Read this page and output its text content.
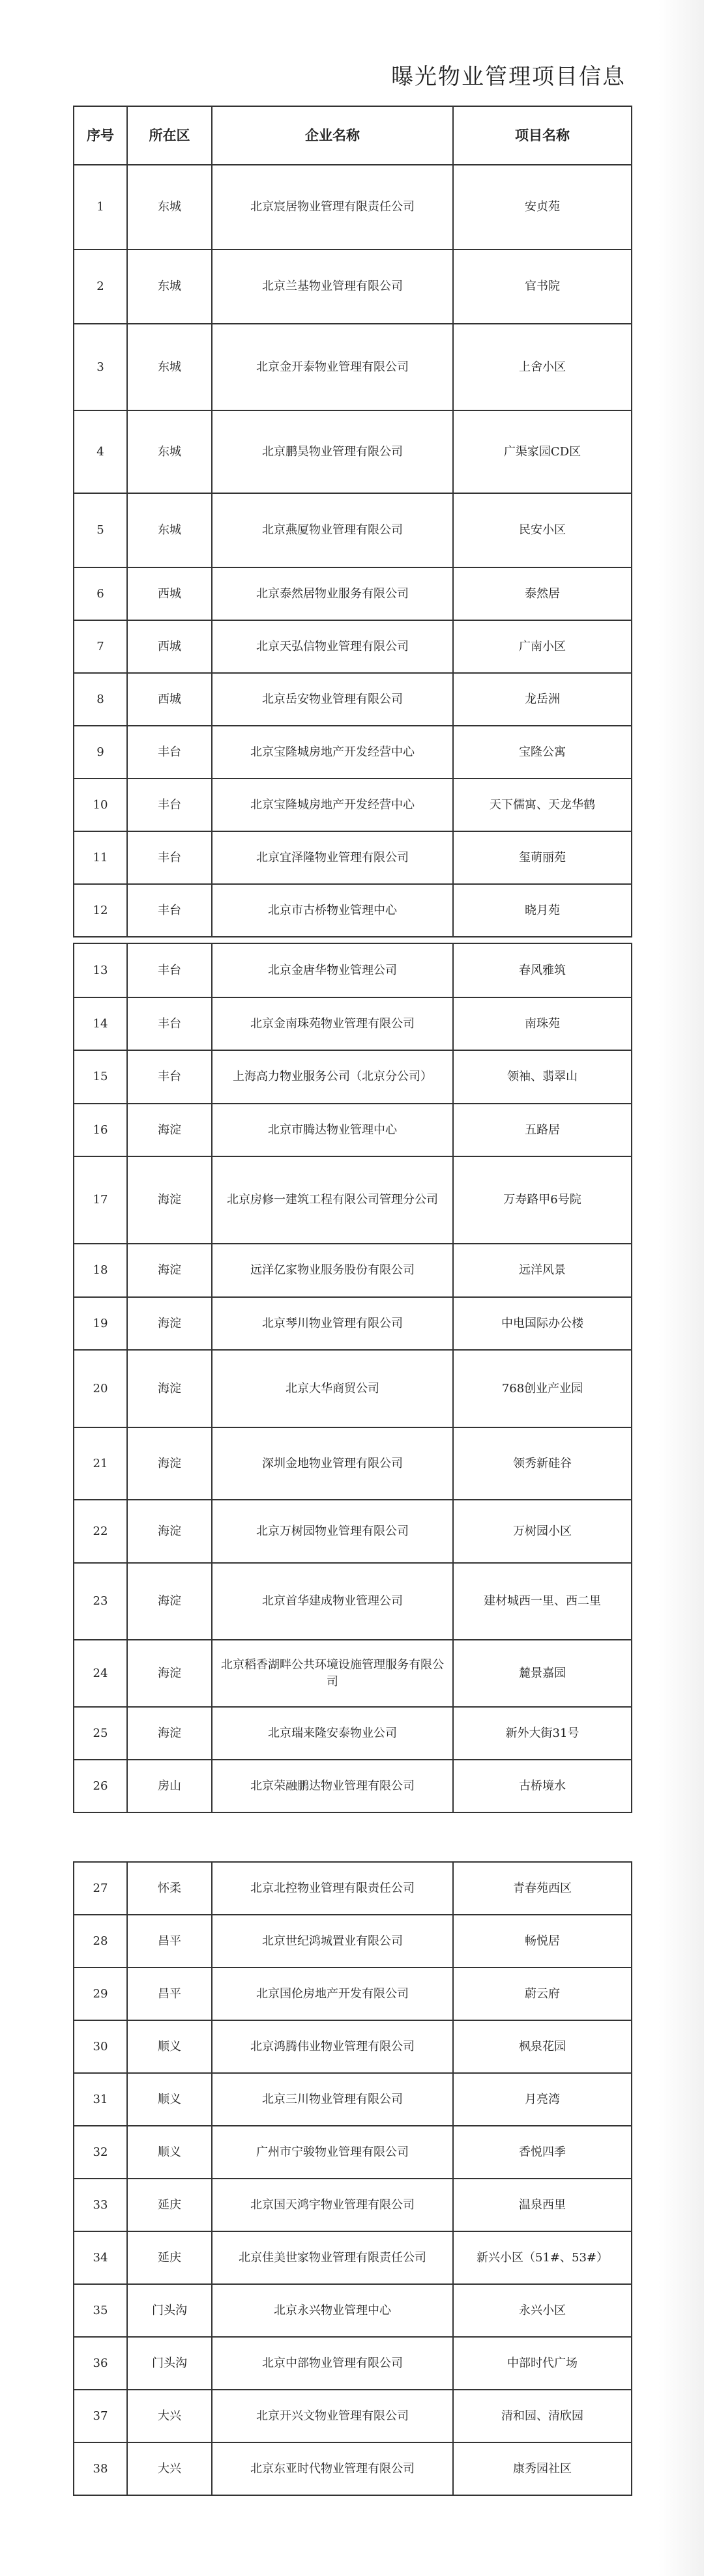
曝光物业管理项目信息
序号	所在区	企业名称	项目名称
1	东城	北京宸居物业管理有限责任公司	安贞苑
2	东城	北京兰基物业管理有限公司	官书院
3	东城	北京金开泰物业管理有限公司	上舍小区
4	东城	北京鹏昊物业管理有限公司	广渠家园CD区
5	东城	北京燕厦物业管理有限公司	民安小区
6	西城	北京泰然居物业服务有限公司	泰然居
7	西城	北京天弘信物业管理有限公司	广南小区
8	西城	北京岳安物业管理有限公司	龙岳洲
9	丰台	北京宝隆城房地产开发经营中心	宝隆公寓
10	丰台	北京宝隆城房地产开发经营中心	天下儒寓、天龙华鹤
11	丰台	北京宜泽隆物业管理有限公司	玺萌丽苑
12	丰台	北京市古桥物业管理中心	晓月苑
13	丰台	北京金唐华物业管理公司	春风雅筑
14	丰台	北京金南珠苑物业管理有限公司	南珠苑
15	丰台	上海高力物业服务公司（北京分公司）	领袖、翡翠山
16	海淀	北京市腾达物业管理中心	五路居
17	海淀	北京房修一建筑工程有限公司管理分公司	万寿路甲6号院
18	海淀	远洋亿家物业服务股份有限公司	远洋风景
19	海淀	北京琴川物业管理有限公司	中电国际办公楼
20	海淀	北京大华商贸公司	768创业产业园
21	海淀	深圳金地物业管理有限公司	领秀新硅谷
22	海淀	北京万树园物业管理有限公司	万树园小区
23	海淀	北京首华建成物业管理公司	建材城西一里、西二里
24	海淀	北京稻香湖畔公共环境设施管理服务有限公司	麓景嘉园
25	海淀	北京瑞来隆安泰物业公司	新外大街31号
26	房山	北京荣融鹏达物业管理有限公司	古桥境水
27	怀柔	北京北控物业管理有限责任公司	青春苑西区
28	昌平	北京世纪鸿城置业有限公司	畅悦居
29	昌平	北京国伦房地产开发有限公司	蔚云府
30	顺义	北京鸿腾伟业物业管理有限公司	枫泉花园
31	顺义	北京三川物业管理有限公司	月亮湾
32	顺义	广州市宁骏物业管理有限公司	香悦四季
33	延庆	北京国天鸿宇物业管理有限公司	温泉西里
34	延庆	北京佳美世家物业管理有限责任公司	新兴小区（51#、53#）
35	门头沟	北京永兴物业管理中心	永兴小区
36	门头沟	北京中部物业管理有限公司	中部时代广场
37	大兴	北京开兴文物业管理有限公司	清和园、清欣园
38	大兴	北京东亚时代物业管理有限公司	康秀园社区
